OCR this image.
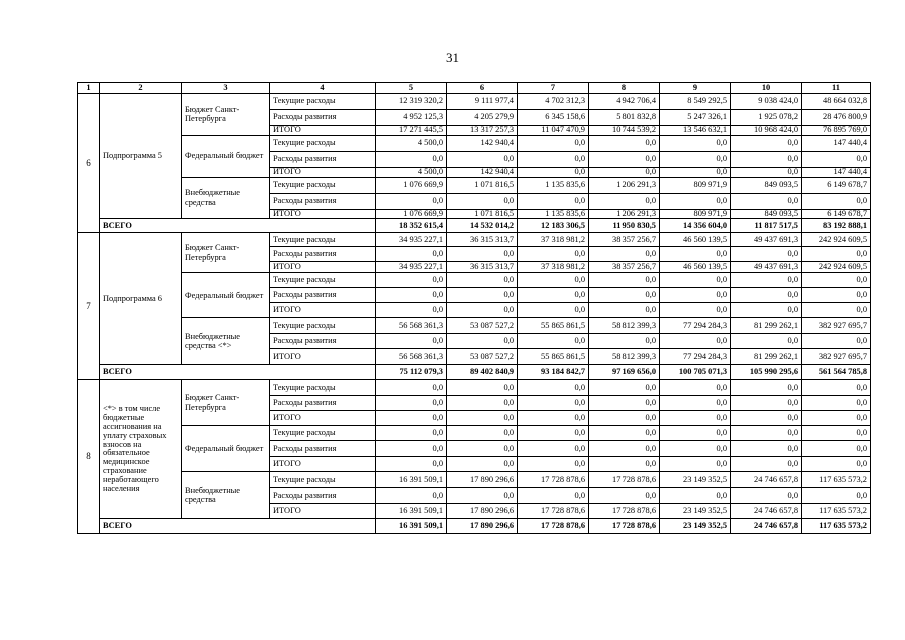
31
1	2	3	4	5	6	7	8	9	10	11
6	Подпрограмма 5	Бюджет Санкт-Петербурга	Текущие расходы	12 319 320,2	9 111 977,4	4 702 312,3	4 942 706,4	8 549 292,5	9 038 424,0	48 664 032,8
			Расходы развития	4 952 125,3	4 205 279,9	6 345 158,6	5 801 832,8	5 247 326,1	1 925 078,2	28 476 800,9
			ИТОГО	17 271 445,5	13 317 257,3	11 047 470,9	10 744 539,2	13 546 632,1	10 968 424,0	76 895 769,0
		Федеральный бюджет	Текущие расходы	4 500,0	142 940,4	0,0	0,0	0,0	0,0	147 440,4
			Расходы развития	0,0	0,0	0,0	0,0	0,0	0,0	0,0
			ИТОГО	4 500,0	142 940,4	0,0	0,0	0,0	0,0	147 440,4
		Внебюджетные средства	Текущие расходы	1 076 669,9	1 071 816,5	1 135 835,6	1 206 291,3	809 971,9	849 093,5	6 149 678,7
			Расходы развития	0,0	0,0	0,0	0,0	0,0	0,0	0,0
			ИТОГО	1 076 669,9	1 071 816,5	1 135 835,6	1 206 291,3	809 971,9	849 093,5	6 149 678,7
	ВСЕГО			18 352 615,4	14 532 014,2	12 183 306,5	11 950 830,5	14 356 604,0	11 817 517,5	83 192 888,1
7	Подпрограмма 6	Бюджет Санкт-Петербурга	Текущие расходы	34 935 227,1	36 315 313,7	37 318 981,2	38 357 256,7	46 560 139,5	49 437 691,3	242 924 609,5
			Расходы развития	0,0	0,0	0,0	0,0	0,0	0,0	0,0
			ИТОГО	34 935 227,1	36 315 313,7	37 318 981,2	38 357 256,7	46 560 139,5	49 437 691,3	242 924 609,5
		Федеральный бюджет	Текущие расходы	0,0	0,0	0,0	0,0	0,0	0,0	0,0
			Расходы развития	0,0	0,0	0,0	0,0	0,0	0,0	0,0
			ИТОГО	0,0	0,0	0,0	0,0	0,0	0,0	0,0
		Внебюджетные средства <*>	Текущие расходы	56 568 361,3	53 087 527,2	55 865 861,5	58 812 399,3	77 294 284,3	81 299 262,1	382 927 695,7
			Расходы развития	0,0	0,0	0,0	0,0	0,0	0,0	0,0
			ИТОГО	56 568 361,3	53 087 527,2	55 865 861,5	58 812 399,3	77 294 284,3	81 299 262,1	382 927 695,7
	ВСЕГО			75 112 079,3	89 402 840,9	93 184 842,7	97 169 656,0	100 705 071,3	105 990 295,6	561 564 785,8
8	<*> в том числе бюджетные ассигнования на уплату страховых взносов на обязательное медицинское страхование неработающего населения	Бюджет Санкт-Петербурга	Текущие расходы	0,0	0,0	0,0	0,0	0,0	0,0	0,0
			Расходы развития	0,0	0,0	0,0	0,0	0,0	0,0	0,0
			ИТОГО	0,0	0,0	0,0	0,0	0,0	0,0	0,0
		Федеральный бюджет	Текущие расходы	0,0	0,0	0,0	0,0	0,0	0,0	0,0
			Расходы развития	0,0	0,0	0,0	0,0	0,0	0,0	0,0
			ИТОГО	0,0	0,0	0,0	0,0	0,0	0,0	0,0
		Внебюджетные средства	Текущие расходы	16 391 509,1	17 890 296,6	17 728 878,6	17 728 878,6	23 149 352,5	24 746 657,8	117 635 573,2
			Расходы развития	0,0	0,0	0,0	0,0	0,0	0,0	0,0
			ИТОГО	16 391 509,1	17 890 296,6	17 728 878,6	17 728 878,6	23 149 352,5	24 746 657,8	117 635 573,2
	ВСЕГО			16 391 509,1	17 890 296,6	17 728 878,6	17 728 878,6	23 149 352,5	24 746 657,8	117 635 573,2
